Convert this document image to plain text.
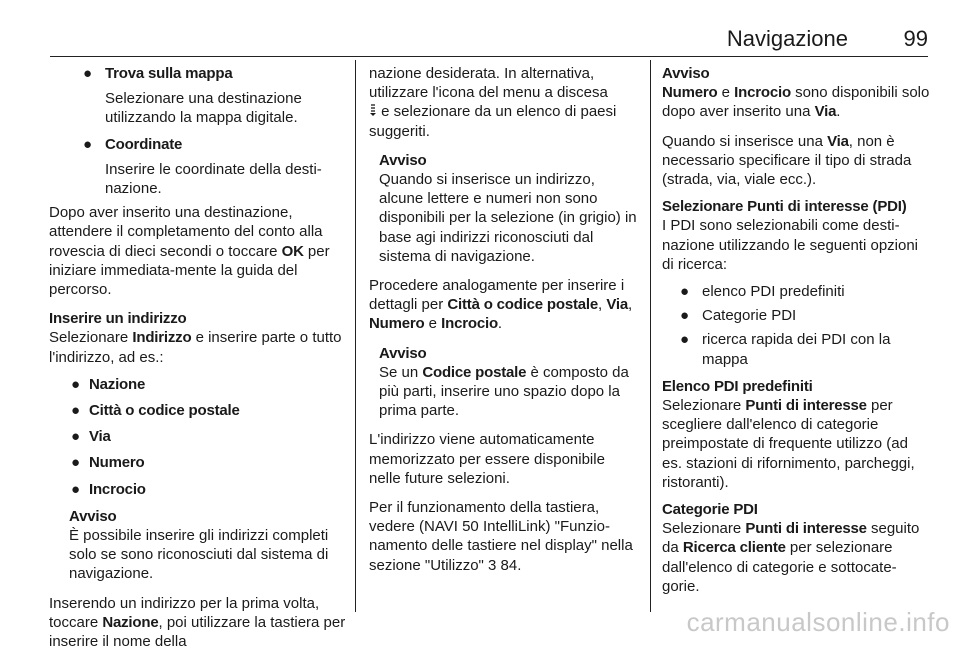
Navigazione	99
● Trova sulla mappa

Selezionare una destinazione utilizzando la mappa digitale.

● Coordinate

Inserire le coordinate della desti-nazione.

Dopo aver inserito una destinazione, attendere il completamento del conto alla rovescia di dieci secondi o toccare OK per iniziare immediata-mente la guida del percorso.

Inserire un indirizzo

Selezionare Indirizzo e inserire parte o tutto l'indirizzo, ad es.:

● Nazione
● Città o codice postale
● Via
● Numero
● Incrocio

Avviso

È possibile inserire gli indirizzi completi solo se sono riconosciuti dal sistema di navigazione.

Inserendo un indirizzo per la prima volta, toccare Nazione, poi utilizzare la tastiera per inserire il nome della

nazione desiderata. In alternativa, utilizzare l'icona del menu a discesa
e selezionare da un elenco di paesi suggeriti.

Avviso

Quando si inserisce un indirizzo, alcune lettere e numeri non sono disponibili per la selezione (in grigio) in base agi indirizzi riconosciuti dal sistema di navigazione.

Procedere analogamente per inserire i dettagli per Città o codice postale, Via, Numero e Incrocio.

Avviso

Se un Codice postale è composto da più parti, inserire uno spazio dopo la prima parte.

L'indirizzo viene automaticamente memorizzato per essere disponibile nelle future selezioni.

Per il funzionamento della tastiera, vedere (NAVI 50 IntelliLink) "Funzio-namento delle tastiere nel display" nella sezione "Utilizzo" 3 84.

Avviso

Numero e Incrocio sono disponibili solo dopo aver inserito una Via.

Quando si inserisce una Via, non è necessario specificare il tipo di strada (strada, via, viale ecc.).

Selezionare Punti di interesse (PDI)

I PDI sono selezionabili come desti-nazione utilizzando le seguenti opzioni di ricerca:

● elenco PDI predefiniti
● Categorie PDI
● ricerca rapida dei PDI con la mappa

Elenco PDI predefiniti

Selezionare Punti di interesse per scegliere dall'elenco di categorie preimpostate di frequente utilizzo (ad es. stazioni di rifornimento, parcheggi, ristoranti).

Categorie PDI

Selezionare Punti di interesse seguito da Ricerca cliente per selezionare dall'elenco di categorie e sottocate-gorie.

carmanualsonline.info
